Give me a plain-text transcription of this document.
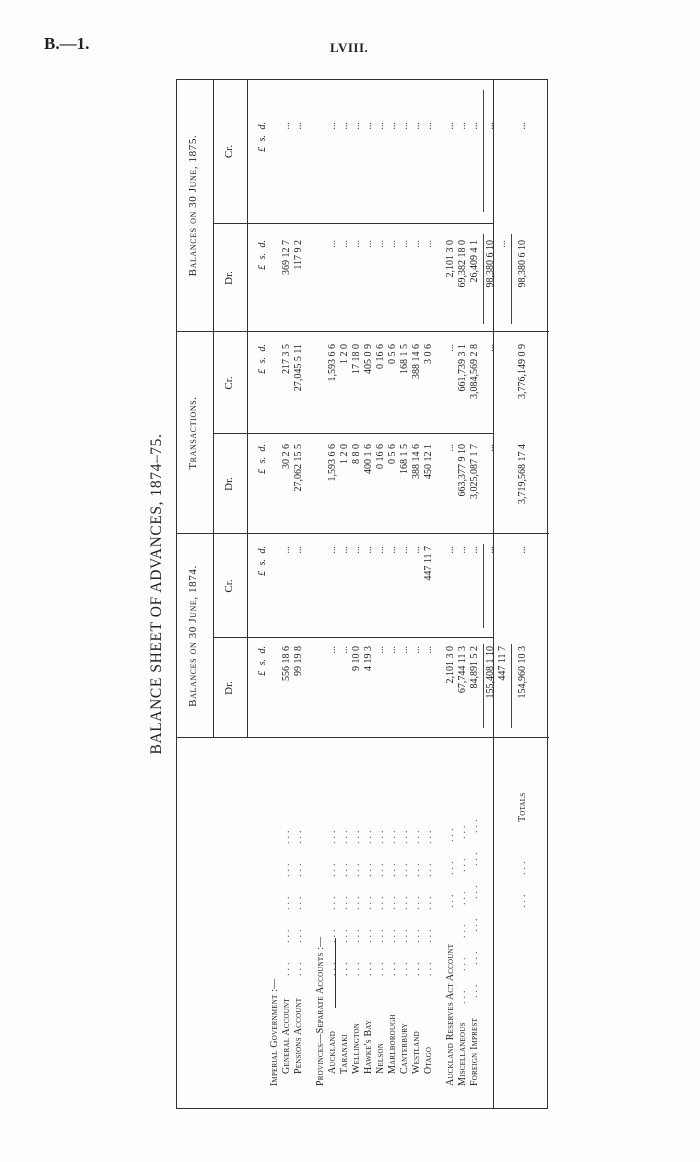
B.—1.	LVIII.
BALANCE SHEET OF ADVANCES, 1874–75.	Balances on 30 June, 1874.
Transactions.
Balances on 30 June, 1875.
Dr.
Cr.
Dr.
Cr.
Dr.
Cr.
£ s. d.
£ s. d.
£ s. d.
£ s. d.
£ s. d.
£ s. d.
Imperial Government :— General Account
...   ...   ...   ...   ...
556 18 6
...
30 2 6
217 3 5
369 12 7
...
Pensions Account
...   ...   ...   ...   ...
99 19 8
...
27,062 15 5
27,045 5 11
117 9 2
...
Provinces—Separate Accounts :— Auckland
...   ...   ...   ...   ...
...
...
1,593 6 6
1,593 6 6
...
...
Taranaki
...   ...   ...   ...   ...
...
...
1 2 0
1 2 0
...
...
Wellington
...   ...   ...   ...   ...
9 10 0
...
8 8 0
17 18 0
...
...
Hawke's Bay
...   ...   ...   ...   ...
4 19 3
...
400 1 6
405 0 9
...
...
Nelson
...   ...   ...   ...   ...
...
...
0 16 6
0 16 6
...
...
Marlborough
...   ...   ...   ...   ...
...
...
0 5 6
0 5 6
...
...
Canterbury
...   ...   ...   ...   ...
...
...
168 1 5
168 1 5
...
...
Westland
...   ...   ...   ...   ...
...
...
388 14 6
388 14 6
...
...
Otago
...   ...   ...   ...   ...
...
447 11 7
450 12 1
3 0 6
...
...
Auckland Reserves Act Account
...   ...   ...
2,101 3 0
...
...
...
2,101 3 0
...
Miscellaneous
...   ...   ...   ...   ...   ...
67,744 11 3
...
663,377 9 10
661,739 3 1
69,382 18 0
...
Foreign Imprest
...   ...   ...   ...   ...   ...
84,891 5 2
...
3,025,087 1 7
3,084,569 2 8
26,409 4 1
...
155,408 1 10
...
...
...
98,380 6 10
...
447 11 7
...
Totals
...   ...
154,960 10 3
...
3,719,568 17 4
3,776,149 0 9
98,380 6 10
...
